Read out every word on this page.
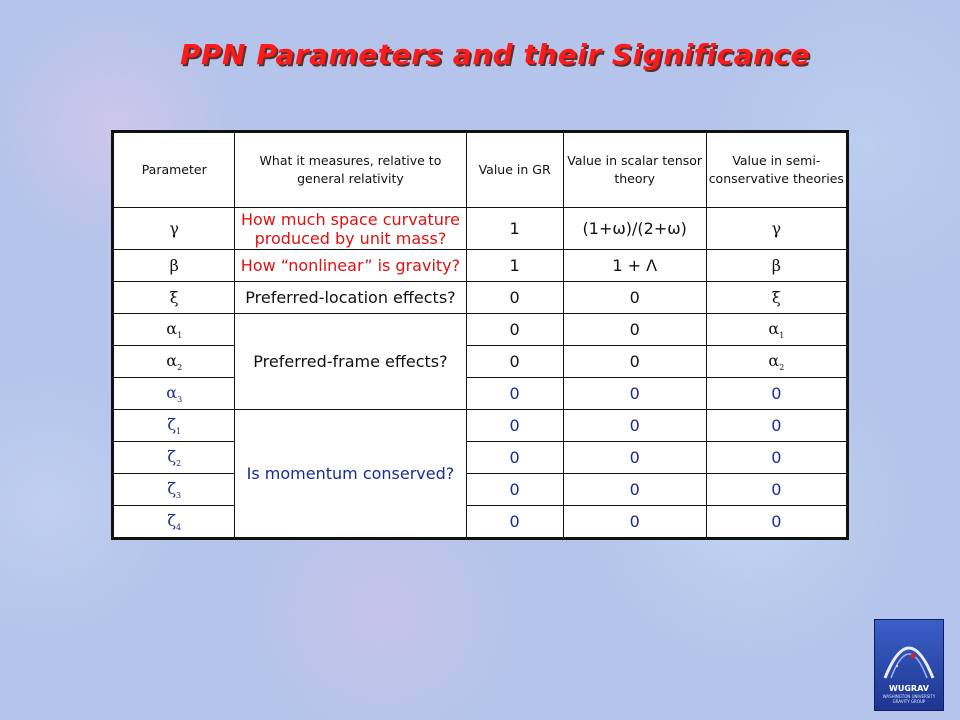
PPN Parameters and their Significance
Parameter	What it measures, relative to general relativity	Value in GR	Value in scalar tensor theory	Value in semi-conservative theories
γ	How much space curvature produced by unit mass?	1	(1+ω)/(2+ω)	γ
β	How “nonlinear” is gravity?	1	1 + Λ	β
ξ	Preferred-location effects?	0	0	ξ
$\alpha_1$	Preferred-frame effects?	0	0	$\alpha_1$
$\alpha_2$		0	0	$\alpha_2$
$\alpha_3$		0	0	0
$\zeta_1$	Is momentum conserved?	0	0	0
$\zeta_2$		0	0	0
$\zeta_3$		0	0	0
$\zeta_4$		0	0	0
WUGRAV
WASHINGTON UNIVERSITY GRAVITY GROUP
